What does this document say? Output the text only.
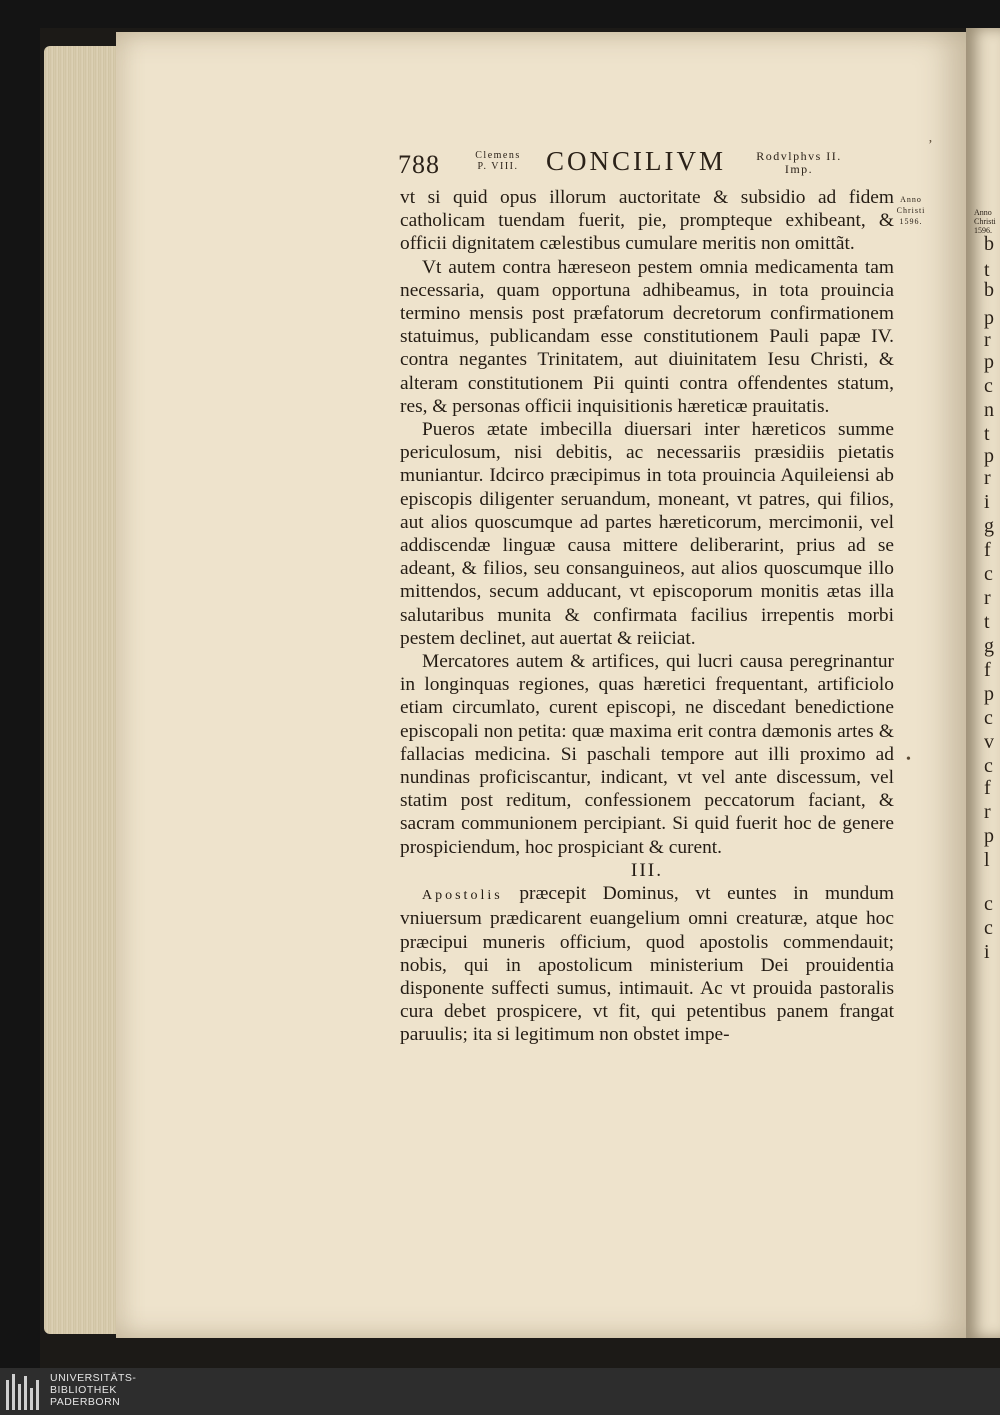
Anno
Christi
1596.
b
t
b
p
r
p
c
n
t
p
r
i
g
f
c
r
t
g
f
p
c
v
c
f
r
p
l
c
c
i
788	Clemens
P. VIII.	CONCILIVM	Rodvlphvs II.
Imp.
Anno
Christi
1596.

vt si quid opus illorum auctoritate & subsidio ad fidem catholicam tuendam fuerit, pie, prompteque exhibeant, & officii dignitatem cælestibus cumulare meritis non omittãt.

Vt autem contra hæreseon pestem omnia medicamenta tam necessaria, quam opportuna adhibeamus, in tota prouincia termino mensis post præfatorum decretorum confirmationem statuimus, publicandam esse constitutionem Pauli papæ IV. contra negantes Trinitatem, aut diuinitatem Iesu Christi, & alteram constitutionem Pii quinti contra offendentes statum, res, & personas officii inquisitionis hæreticæ prauitatis.

Pueros ætate imbecilla diuersari inter hæreticos summe periculosum, nisi debitis, ac necessariis præsidiis pietatis muniantur. Idcirco præcipimus in tota prouincia Aquileiensi ab episcopis diligenter seruandum, moneant, vt patres, qui filios, aut alios quoscumque ad partes hæreticorum, mercimonii, vel addiscendæ linguæ causa mittere deliberarint, prius ad se adeant, & filios, seu consanguineos, aut alios quoscumque illo mittendos, secum adducant, vt episcoporum monitis ætas illa salutaribus munita & confirmata facilius irrepentis morbi pestem declinet, aut auertat & reiiciat.

Mercatores autem & artifices, qui lucri causa peregrinantur in longinquas regiones, quas hæretici frequentant, artificiolo etiam circumlato, curent episcopi, ne discedant benedictione episcopali non petita: quæ maxima erit contra dæmonis artes & fallacias medicina. Si paschali tempore aut illi proximo ad nundinas proficiscantur, indicant, vt vel ante discessum, vel statim post reditum, confessionem peccatorum faciant, & sacram communionem percipiant. Si quid fuerit hoc de genere prospiciendum, hoc prospiciant & curent.

III.

Apostolis præcepit Dominus, vt euntes in mundum vniuersum prædicarent euangelium omni creaturæ, atque hoc præcipui muneris officium, quod apostolis commendauit; nobis, qui in apostolicum ministerium Dei prouidentia disponente suffecti sumus, intimauit. Ac vt prouida pastoralis cura debet prospicere, vt fit, qui petentibus panem frangat paruulis; ita si legitimum non obstet impe-

ʼ
•
UNIVERSITÄTS-
BIBLIOTHEK
PADERBORN
